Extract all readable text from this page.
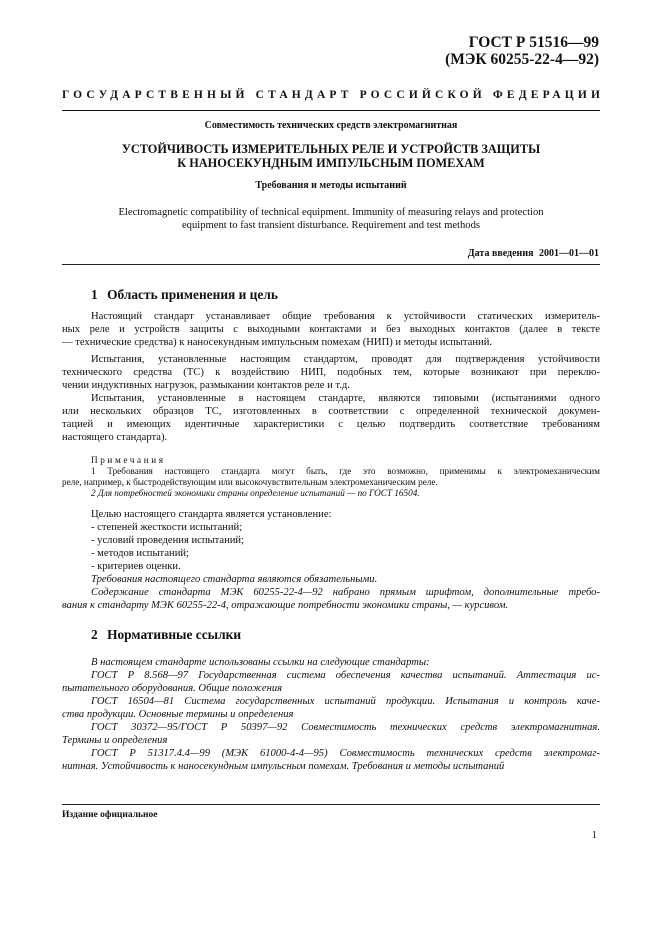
ГОСТ Р 51516—99
(МЭК 60255-22-4—92)
ГОСУДАРСТВЕННЫЙ СТАНДАРТ РОССИЙСКОЙ ФЕДЕРАЦИИ
Совместимость технических средств электромагнитная
УСТОЙЧИВОСТЬ ИЗМЕРИТЕЛЬНЫХ РЕЛЕ И УСТРОЙСТВ ЗАЩИТЫ
К НАНОСЕКУНДНЫМ ИМПУЛЬСНЫМ ПОМЕХАМ
Требования и методы испытаний
Electromagnetic compatibility of technical equipment. Immunity of measuring relays and protection
equipment to fast transient disturbance. Requirement and test methods
Дата введения 2001—01—01
1 Область применения и цель
Настоящий стандарт устанавливает общие требования к устойчивости статических измеритель-
ных реле и устройств защиты с выходными контактами и без выходных контактов (далее в тексте
— технические средства) к наносекундным импульсным помехам (НИП) и методы испытаний.
Испытания, установленные настоящим стандартом, проводят для подтверждения устойчивости
технического средства (ТС) к воздействию НИП, подобных тем, которые возникают при переклю-
чении индуктивных нагрузок, размыкании контактов реле и т.д.
Испытания, установленные в настоящем стандарте, являются типовыми (испытаниями одного
или нескольких образцов ТС, изготовленных в соответствии с определенной технической докумен-
тацией и имеющих идентичные характеристики с целью подтвердить соответствие требованиям
настоящего стандарта).
Примечания
1 Требования настоящего стандарта могут быть, где это возможно, применимы к электромеханическим
реле, например, к быстродействующим или высокочувствительным электромеханическим реле.
2 Для потребностей экономики страны определение испытаний — по ГОСТ 16504.
Целью настоящего стандарта является установление:
- степеней жесткости испытаний;
- условий проведения испытаний;
- методов испытаний;
- критериев оценки.
Требования настоящего стандарта являются обязательными.
Содержание стандарта МЭК 60255-22-4—92 набрано прямым шрифтом, дополнительные требо-
вания к стандарту МЭК 60255-22-4, отражающие потребности экономики страны, — курсивом.
2 Нормативные ссылки
В настоящем стандарте использованы ссылки на следующие стандарты:
ГОСТ Р 8.568—97 Государственная система обеспечения качества испытаний. Аттестация ис-
пытательного оборудования. Общие положения
ГОСТ 16504—81 Система государственных испытаний продукции. Испытания и контроль каче-
ства продукции. Основные термины и определения
ГОСТ 30372—95/ГОСТ Р 50397—92 Совместимость технических средств электромагнитная.
Термины и определения
ГОСТ Р 51317.4.4—99 (МЭК 61000-4-4—95) Совместимость технических средств электромаг-
нитная. Устойчивость к наносекундным импульсным помехам. Требования и методы испытаний
Издание официальное
1
